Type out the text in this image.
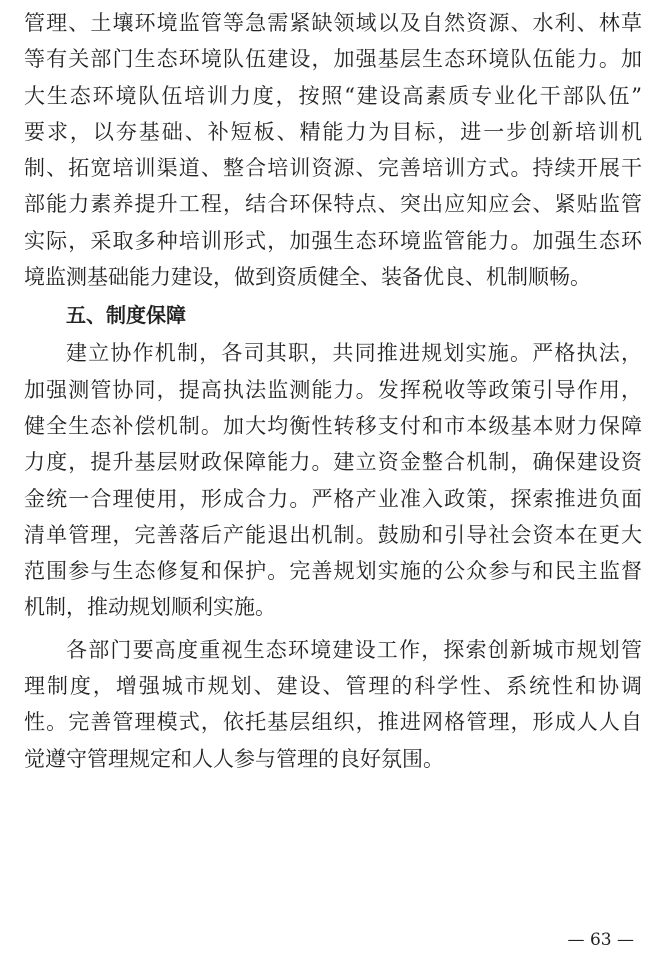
管理、土壤环境监管等急需紧缺领域以及自然资源、水利、林草
等有关部门生态环境队伍建设，加强基层生态环境队伍能力。加
大生态环境队伍培训力度，按照“建设高素质专业化干部队伍”
要求，以夯基础、补短板、精能力为目标，进一步创新培训机
制、拓宽培训渠道、整合培训资源、完善培训方式。持续开展干
部能力素养提升工程，结合环保特点、突出应知应会、紧贴监管
实际，采取多种培训形式，加强生态环境监管能力。加强生态环
境监测基础能力建设，做到资质健全、装备优良、机制顺畅。
五、制度保障
建立协作机制，各司其职，共同推进规划实施。严格执法，
加强测管协同，提高执法监测能力。发挥税收等政策引导作用，
健全生态补偿机制。加大均衡性转移支付和市本级基本财力保障
力度，提升基层财政保障能力。建立资金整合机制，确保建设资
金统一合理使用，形成合力。严格产业准入政策，探索推进负面
清单管理，完善落后产能退出机制。鼓励和引导社会资本在更大
范围参与生态修复和保护。完善规划实施的公众参与和民主监督
机制，推动规划顺利实施。
各部门要高度重视生态环境建设工作，探索创新城市规划管
理制度，增强城市规划、建设、管理的科学性、系统性和协调
性。完善管理模式，依托基层组织，推进网格管理，形成人人自
觉遵守管理规定和人人参与管理的良好氛围。
— 63 —
